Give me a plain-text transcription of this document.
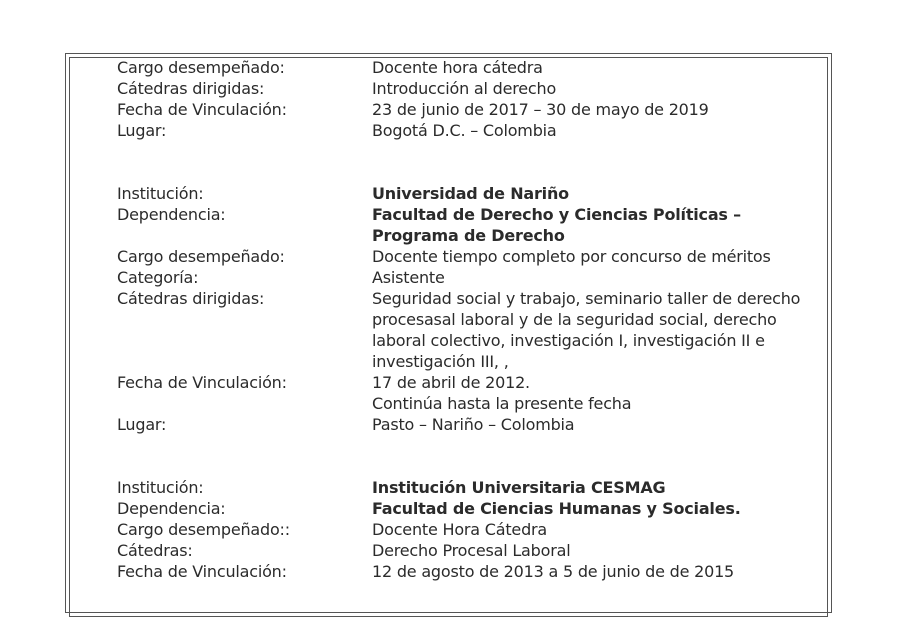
Cargo desempeñado:	Docente hora cátedra
Cátedras dirigidas:	Introducción al derecho
Fecha de Vinculación:	23 de junio de 2017 – 30 de mayo de 2019
Lugar:	Bogotá D.C. – Colombia
Institución:	Universidad de Nariño
Dependencia:	Facultad de Derecho y Ciencias Políticas – Programa de Derecho
Cargo desempeñado:	Docente tiempo completo por concurso de méritos
Categoría:	Asistente
Cátedras dirigidas:	Seguridad social y trabajo, seminario taller de derecho procesasal laboral y de la seguridad social, derecho laboral colectivo, investigación I, investigación II e investigación III, ,
Fecha de Vinculación:	17 de abril de 2012.
Continúa hasta la presente fecha
Lugar:	Pasto – Nariño – Colombia
Institución:	Institución Universitaria CESMAG
Dependencia:	Facultad de Ciencias Humanas y Sociales.
Cargo desempeñado::	Docente Hora Cátedra
Cátedras:	Derecho Procesal Laboral
Fecha de Vinculación:	12 de agosto de 2013 a 5 de junio de de 2015
